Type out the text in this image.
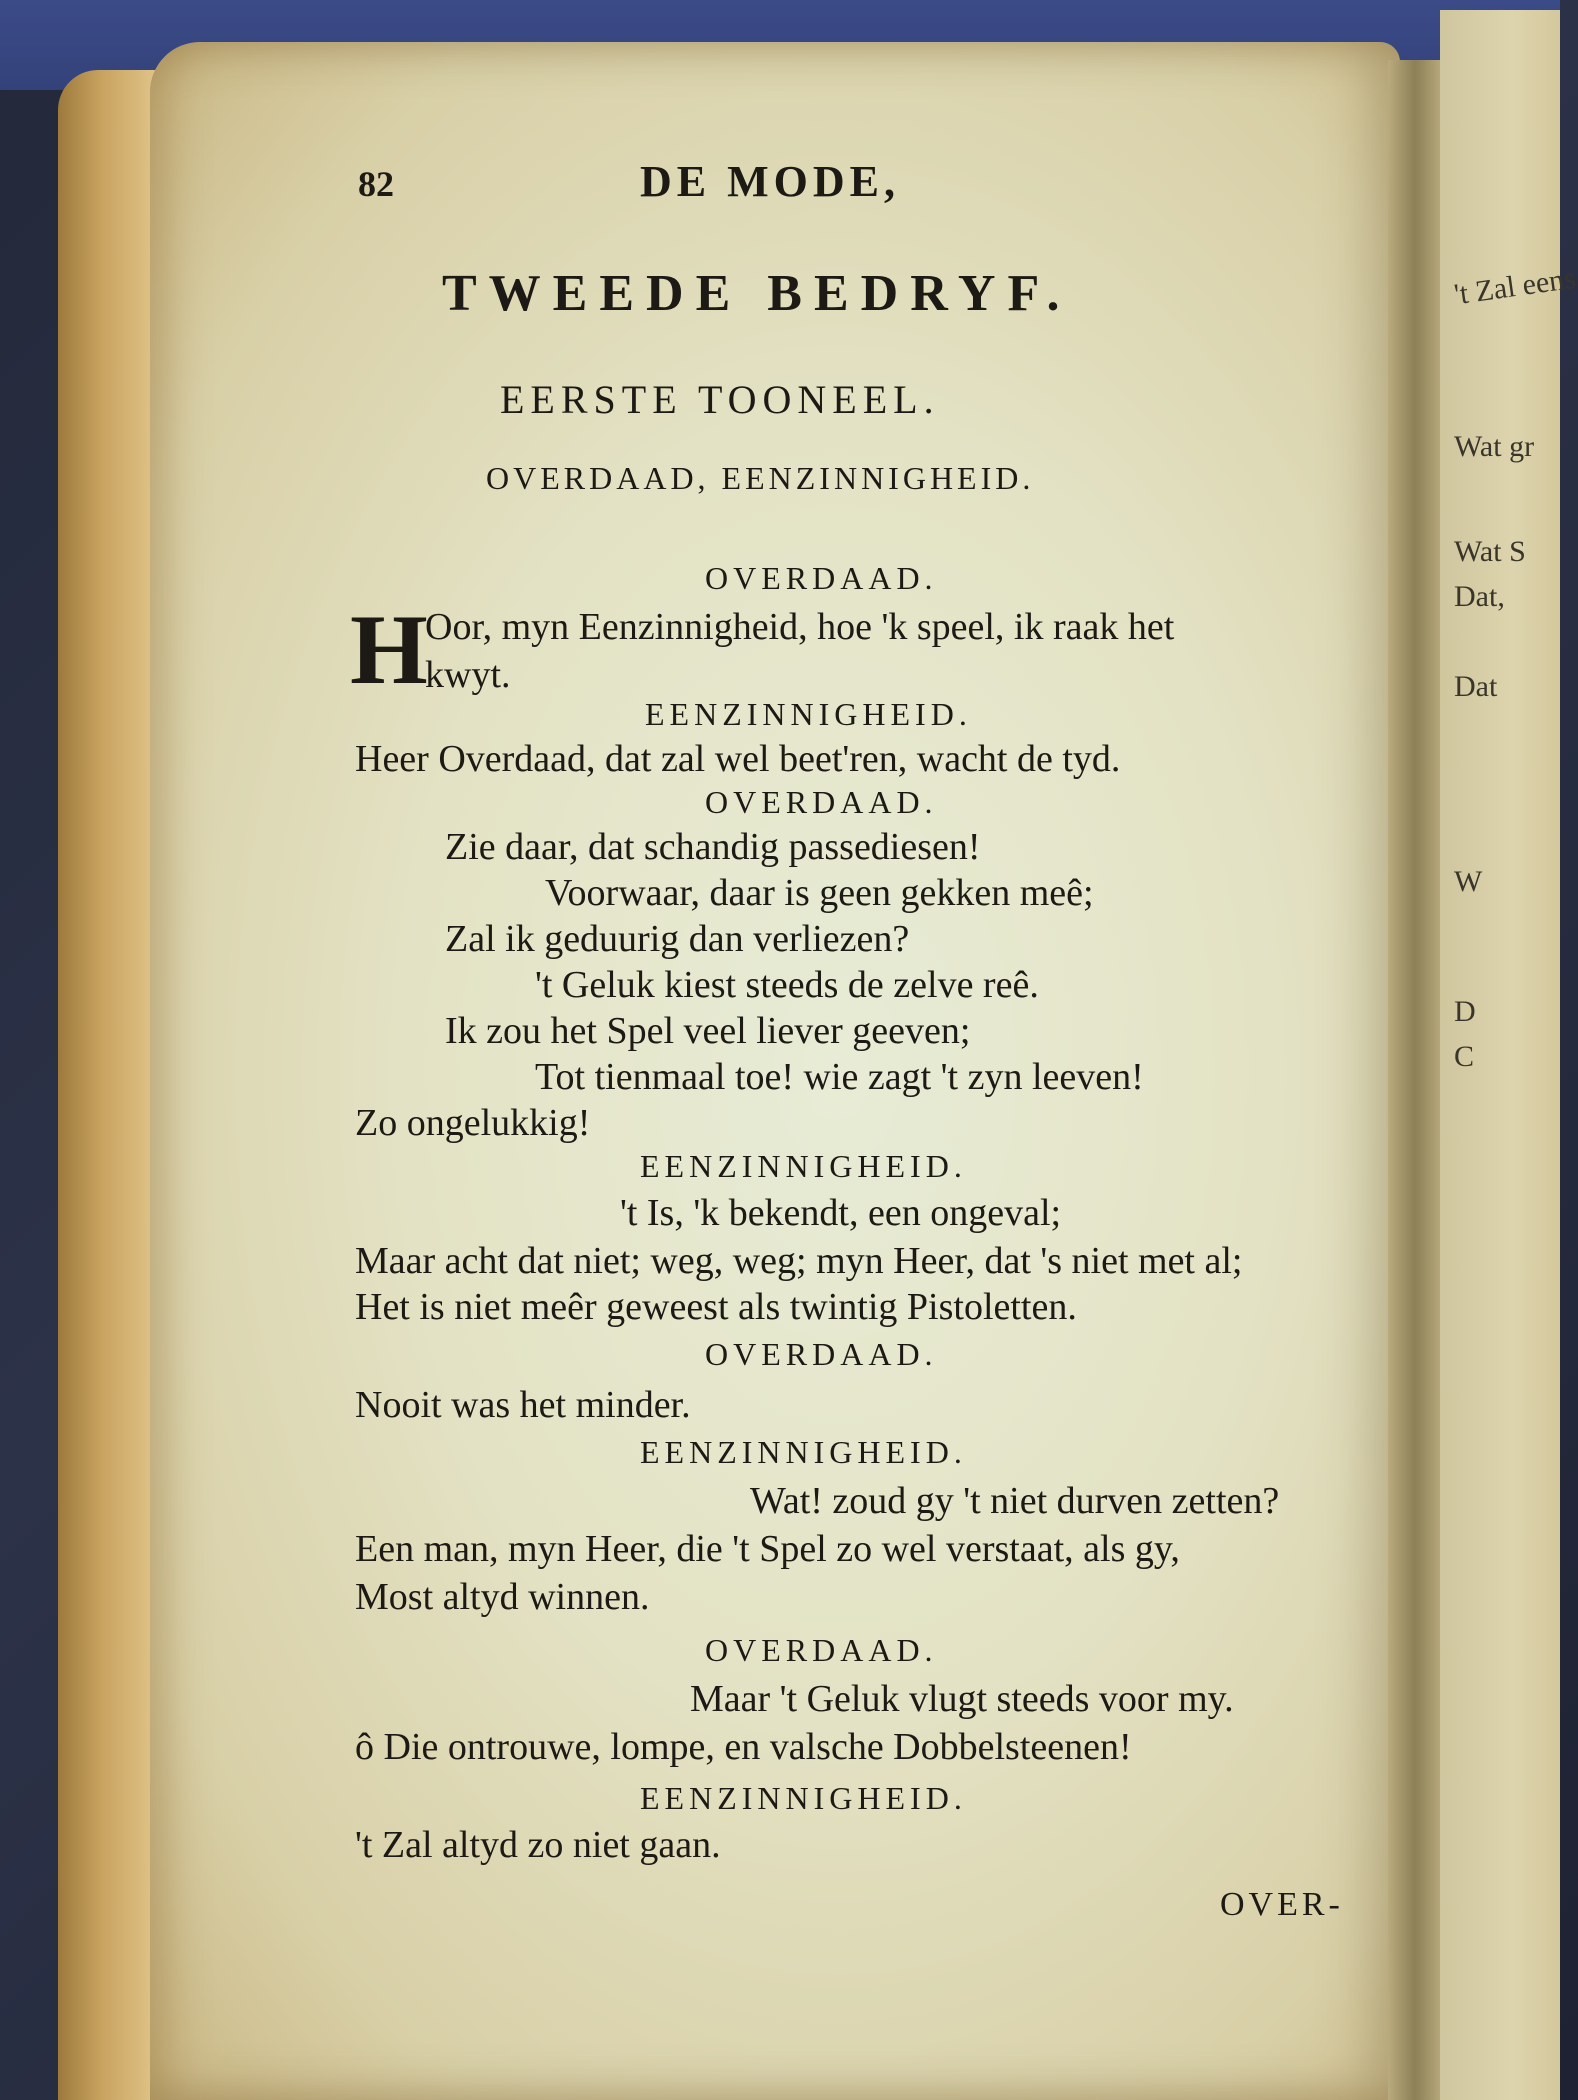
't Zal eens
Wat gr
Wat S
Dat,
Dat
W
D
C
82	DE MODE,
TWEEDE BEDRYF.
EERSTE TOONEEL.
OVERDAAD, EENZINNIGHEID.
OVERDAAD.
H
Oor, myn Eenzinnigheid, hoe 'k speel, ik raak het
kwyt.
EENZINNIGHEID.
Heer Overdaad, dat zal wel beet'ren, wacht de tyd.
OVERDAAD.
Zie daar, dat schandig passediesen!
Voorwaar, daar is geen gekken meê;
Zal ik geduurig dan verliezen?
't Geluk kiest steeds de zelve reê.
Ik zou het Spel veel liever geeven;
Tot tienmaal toe! wie zagt 't zyn leeven!
Zo ongelukkig!
EENZINNIGHEID.
't Is, 'k bekendt, een ongeval;
Maar acht dat niet; weg, weg; myn Heer, dat 's niet met al;
Het is niet meêr geweest als twintig Pistoletten.
OVERDAAD.
Nooit was het minder.
EENZINNIGHEID.
Wat! zoud gy 't niet durven zetten?
Een man, myn Heer, die 't Spel zo wel verstaat, als gy,
Most altyd winnen.
OVERDAAD.
Maar 't Geluk vlugt steeds voor my.
ô Die ontrouwe, lompe, en valsche Dobbelsteenen!
EENZINNIGHEID.
't Zal altyd zo niet gaan.
OVER-
